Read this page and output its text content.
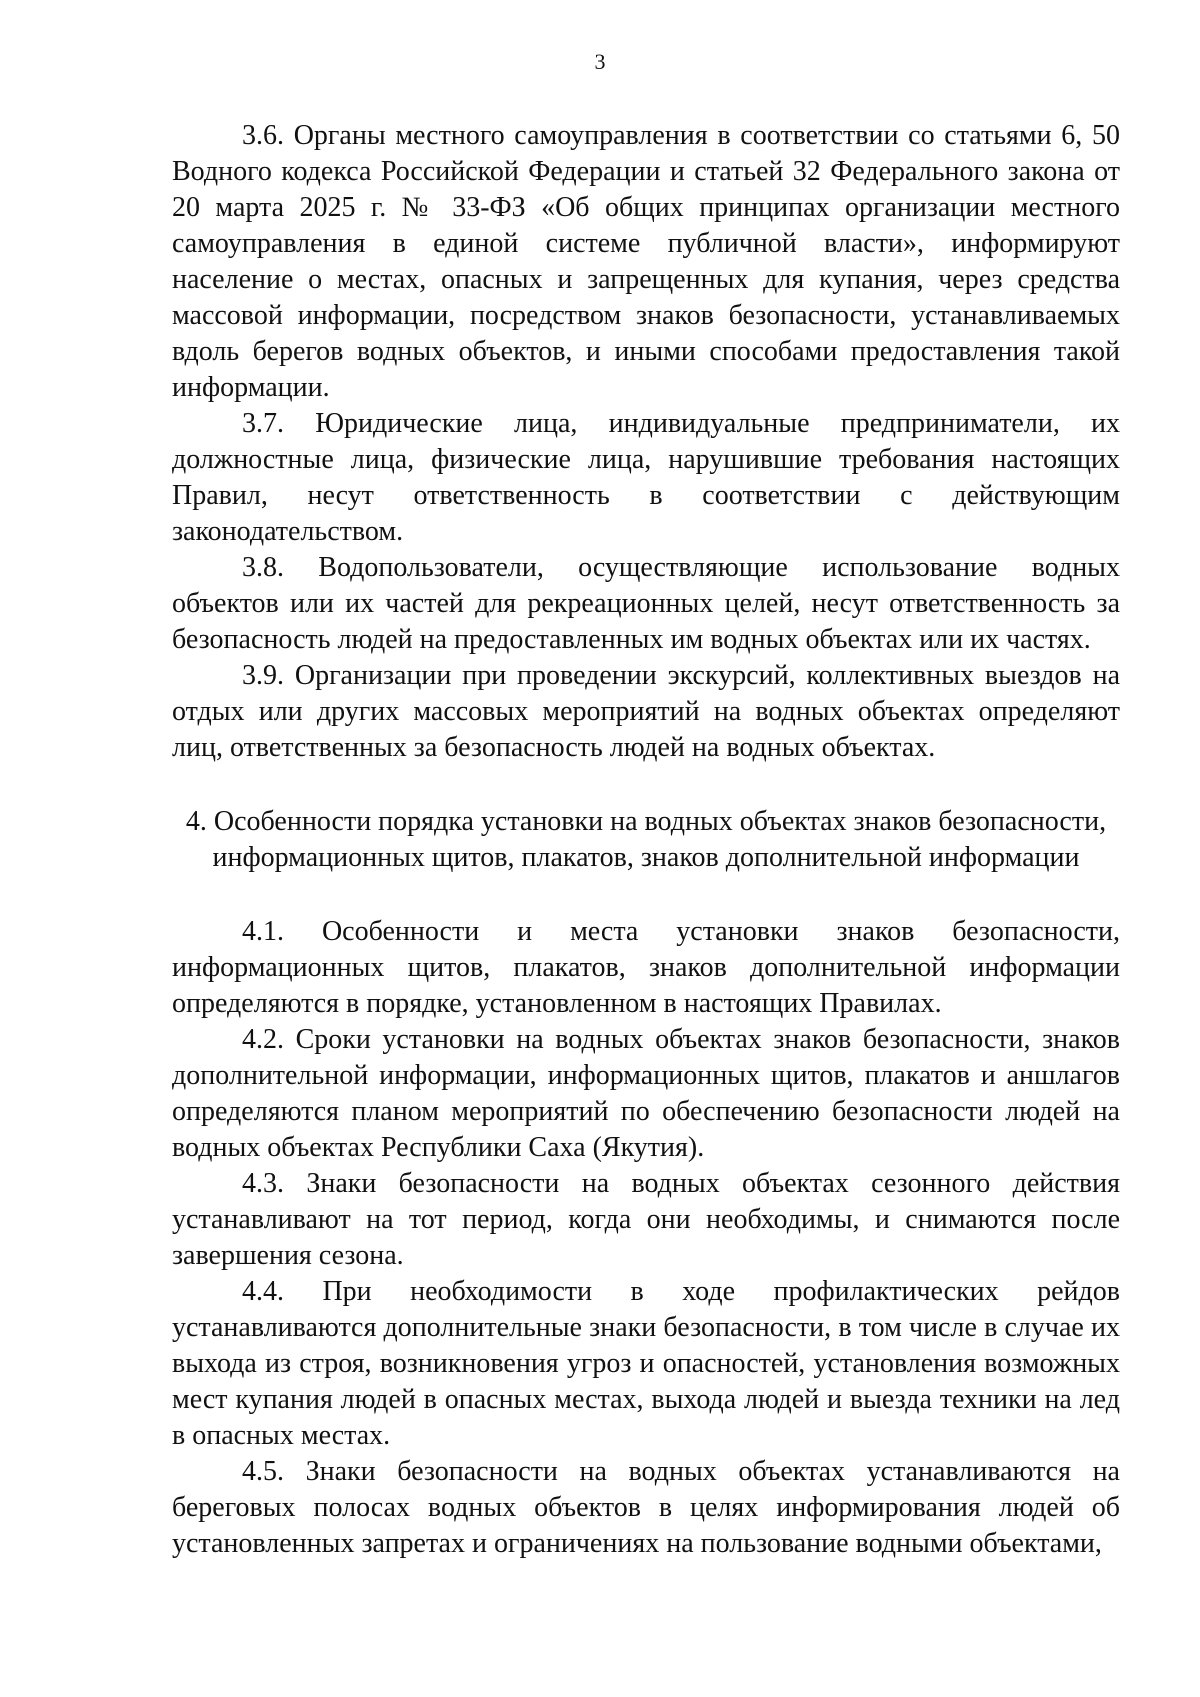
3

3.6. Органы местного самоуправления в соответствии со статьями 6, 50 Водного кодекса Российской Федерации и статьей 32 Федерального закона от 20 марта 2025 г. № 33-ФЗ «Об общих принципах организации местного самоуправления в единой системе публичной власти», информируют население о местах, опасных и запрещенных для купания, через средства массовой информации, посредством знаков безопасности, устанавливаемых вдоль берегов водных объектов, и иными способами предоставления такой информации.

3.7. Юридические лица, индивидуальные предприниматели, их должностные лица, физические лица, нарушившие требования настоящих Правил, несут ответственность в соответствии с действующим законодательством.

3.8. Водопользователи, осуществляющие использование водных объектов или их частей для рекреационных целей, несут ответственность за безопасность людей на предоставленных им водных объектах или их частях.

3.9. Организации при проведении экскурсий, коллективных выездов на отдых или других массовых мероприятий на водных объектах определяют лиц, ответственных за безопасность людей на водных объектах.

4. Особенности порядка установки на водных объектах знаков безопасности,
информационных щитов, плакатов, знаков дополнительной информации

4.1. Особенности и места установки знаков безопасности, информационных щитов, плакатов, знаков дополнительной информации определяются в порядке, установленном в настоящих Правилах.

4.2. Сроки установки на водных объектах знаков безопасности, знаков дополнительной информации, информационных щитов, плакатов и аншлагов определяются планом мероприятий по обеспечению безопасности людей на водных объектах Республики Саха (Якутия).

4.3. Знаки безопасности на водных объектах сезонного действия устанавливают на тот период, когда они необходимы, и снимаются после завершения сезона.

4.4. При необходимости в ходе профилактических рейдов устанавливаются дополнительные знаки безопасности, в том числе в случае их выхода из строя, возникновения угроз и опасностей, установления возможных мест купания людей в опасных местах, выхода людей и выезда техники на лед в опасных местах.

4.5. Знаки безопасности на водных объектах устанавливаются на береговых полосах водных объектов в целях информирования людей об установленных запретах и ограничениях на пользование водными объектами,
